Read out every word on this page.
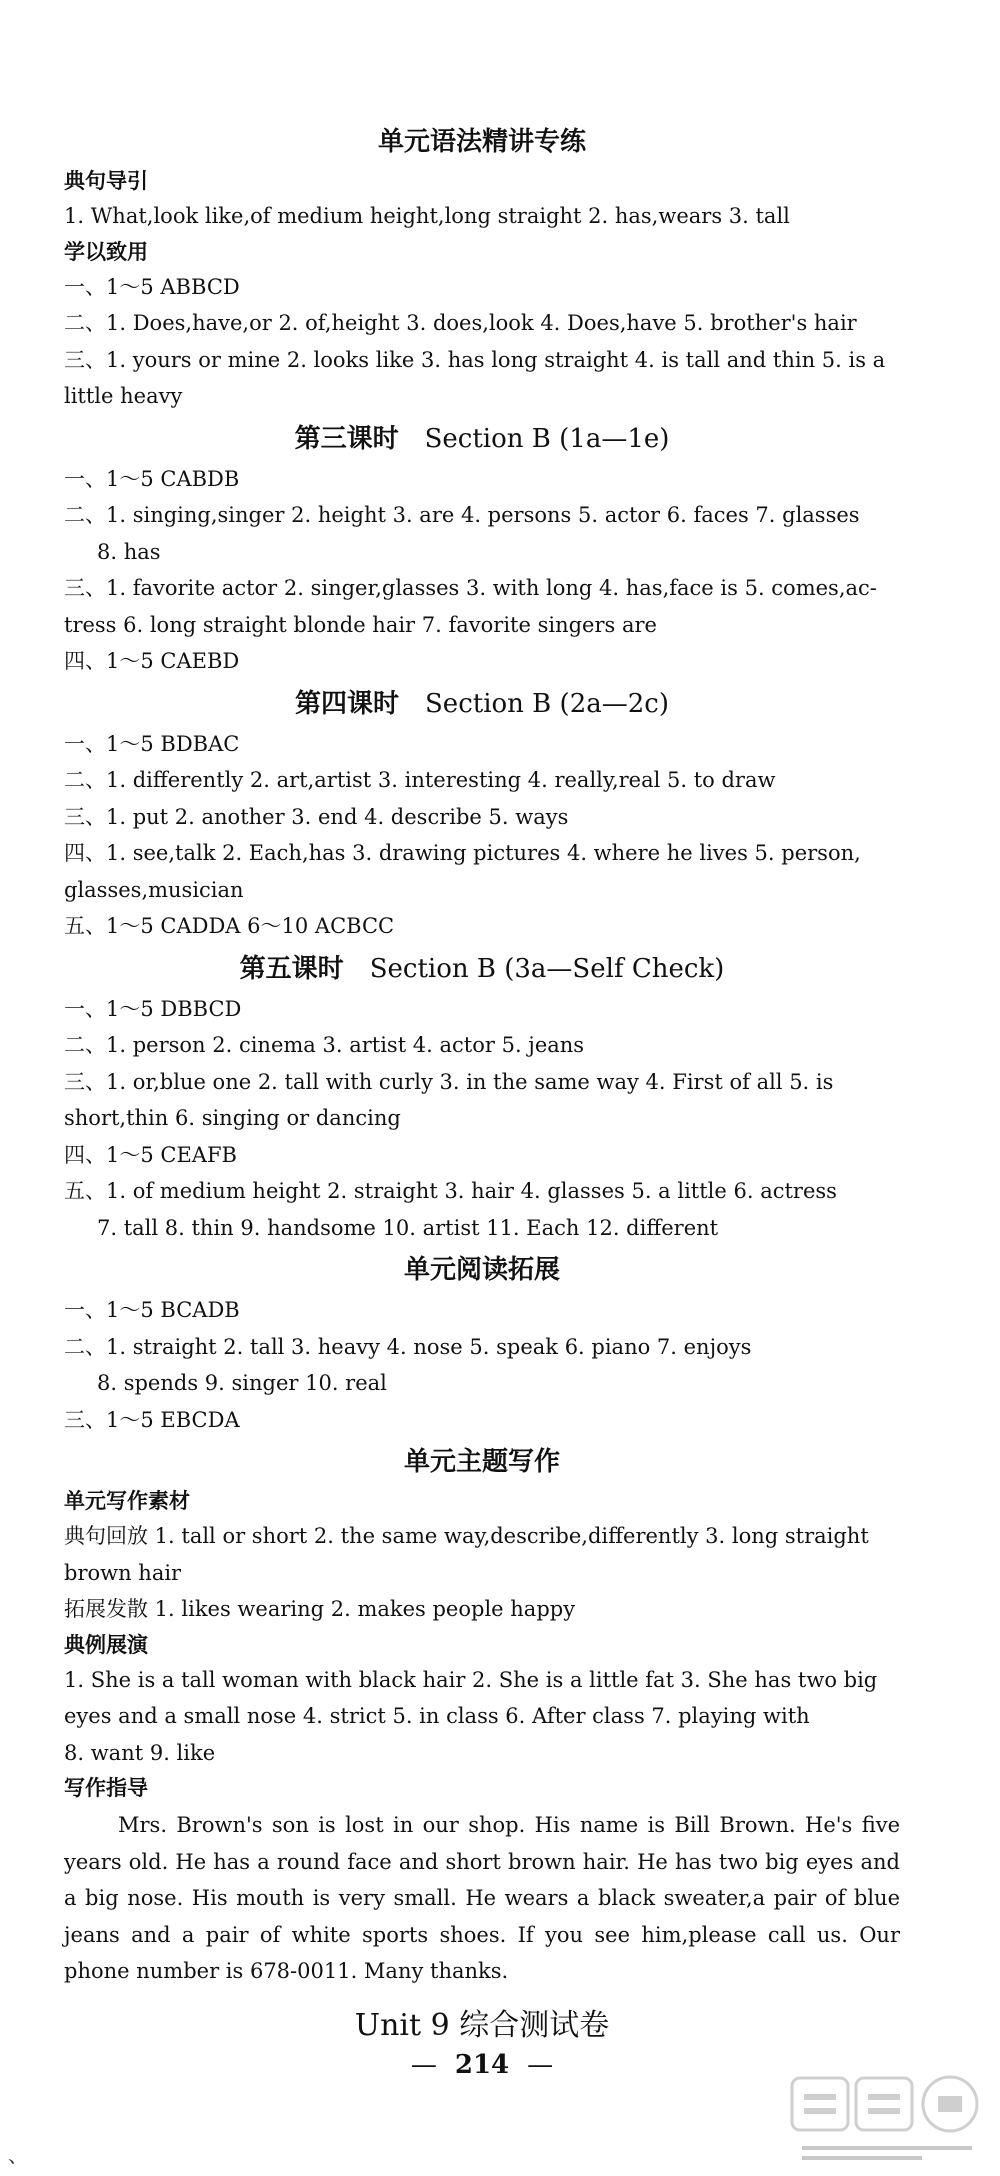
单元语法精讲专练
典句导引
1. What,look like,of medium height,long straight 2. has,wears 3. tall
学以致用
一、1～5 ABBCD
二、1. Does,have,or 2. of,height 3. does,look 4. Does,have 5. brother's hair
三、1. yours or mine 2. looks like 3. has long straight 4. is tall and thin 5. is a
little heavy
第三课时 Section B (1a—1e)
一、1～5 CABDB
二、1. singing,singer 2. height 3. are 4. persons 5. actor 6. faces 7. glasses
8. has
三、1. favorite actor 2. singer,glasses 3. with long 4. has,face is 5. comes,ac-
tress 6. long straight blonde hair 7. favorite singers are
四、1～5 CAEBD
第四课时 Section B (2a—2c)
一、1～5 BDBAC
二、1. differently 2. art,artist 3. interesting 4. really,real 5. to draw
三、1. put 2. another 3. end 4. describe 5. ways
四、1. see,talk 2. Each,has 3. drawing pictures 4. where he lives 5. person,
glasses,musician
五、1～5 CADDA 6～10 ACBCC
第五课时 Section B (3a—Self Check)
一、1～5 DBBCD
二、1. person 2. cinema 3. artist 4. actor 5. jeans
三、1. or,blue one 2. tall with curly 3. in the same way 4. First of all 5. is
short,thin 6. singing or dancing
四、1～5 CEAFB
五、1. of medium height 2. straight 3. hair 4. glasses 5. a little 6. actress
7. tall 8. thin 9. handsome 10. artist 11. Each 12. different
单元阅读拓展
一、1～5 BCADB
二、1. straight 2. tall 3. heavy 4. nose 5. speak 6. piano 7. enjoys
8. spends 9. singer 10. real
三、1～5 EBCDA
单元主题写作
单元写作素材
典句回放 1. tall or short 2. the same way,describe,differently 3. long straight
brown hair
拓展发散 1. likes wearing 2. makes people happy
典例展演
1. She is a tall woman with black hair 2. She is a little fat 3. She has two big
eyes and a small nose 4. strict 5. in class 6. After class 7. playing with
8. want 9. like
写作指导
Mrs. Brown's son is lost in our shop. His name is Bill Brown. He's five years old. He has a round face and short brown hair. He has two big eyes and a big nose. His mouth is very small. He wears a black sweater,a pair of blue jeans and a pair of white sports shoes. If you see him,please call us. Our phone number is 678-0011. Many thanks.
Unit 9 综合测试卷
— 214 —
、
